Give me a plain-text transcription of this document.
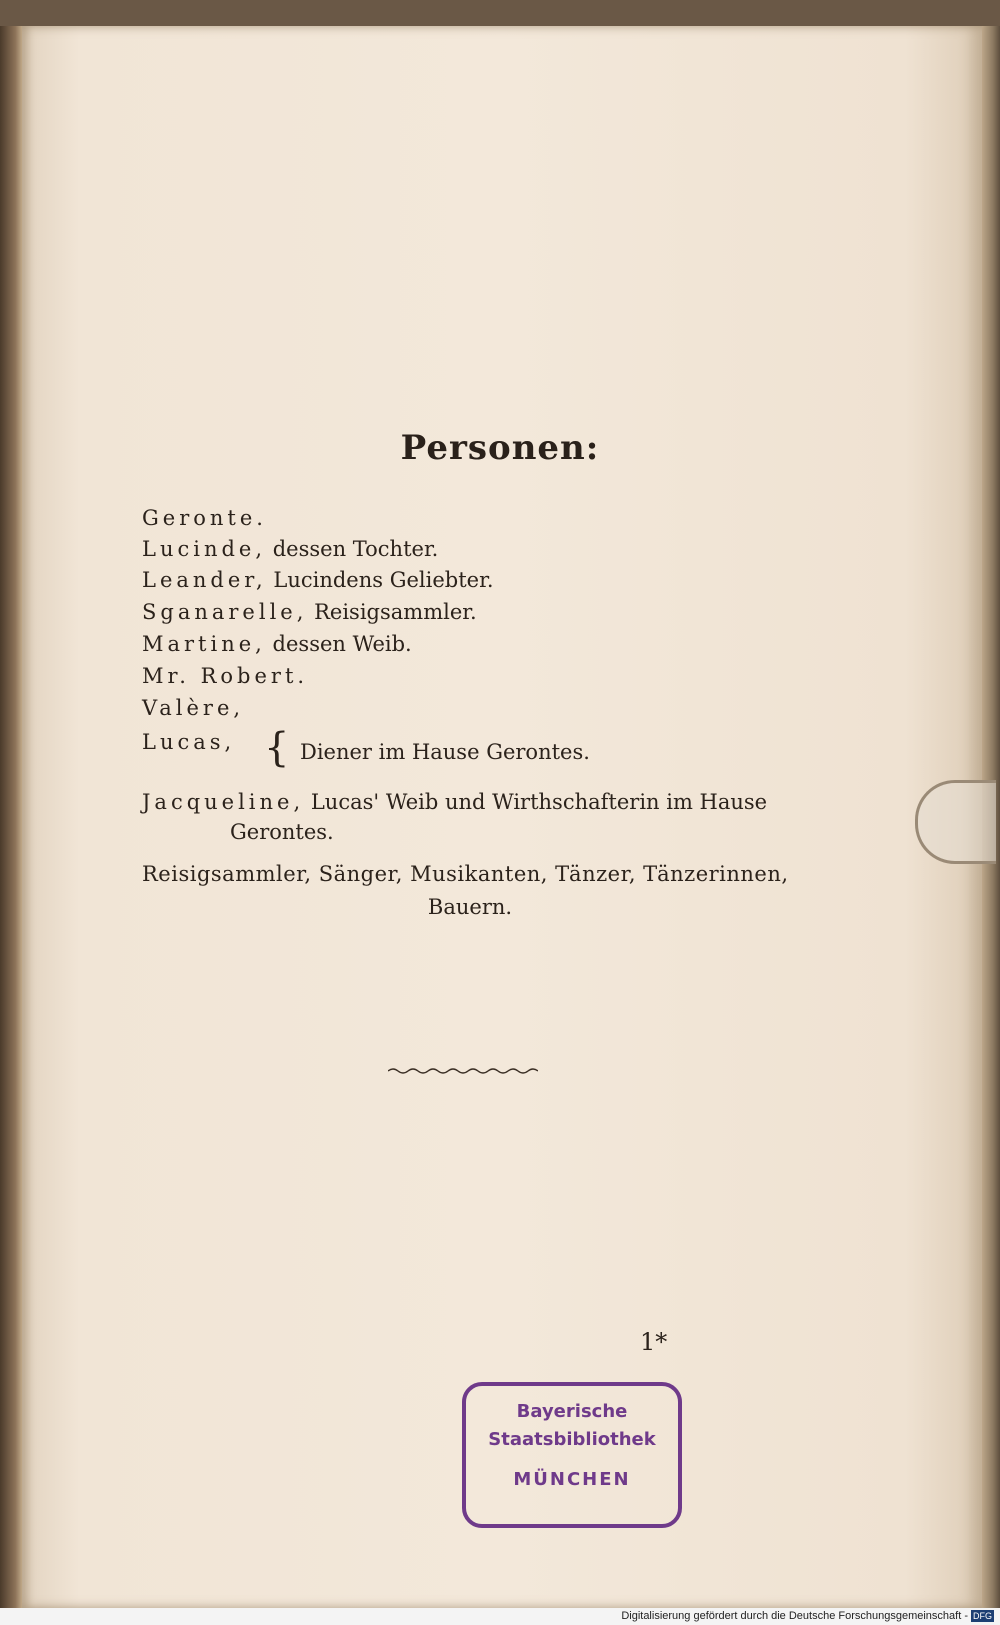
Personen:
Geronte.
Lucinde, dessen Tochter.
Leander, Lucindens Geliebter.
Sganarelle, Reisigsammler.
Martine, dessen Weib.
Mr. Robert.
Valère,
Lucas, { Diener im Hause Gerontes.
Jacqueline, Lucas' Weib und Wirthschafterin im Hause
Gerontes.
Reisigsammler, Sänger, Musikanten, Tänzer, Tänzerinnen,
Bauern.
1*
Bayerische
Staatsbibliothek
MÜNCHEN
Digitalisierung gefördert durch die Deutsche Forschungsgemeinschaft - DFG
